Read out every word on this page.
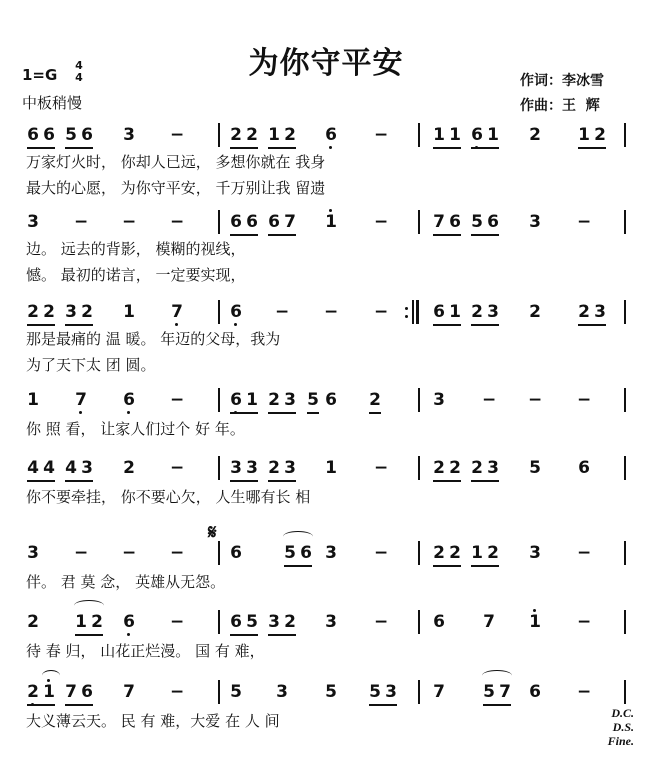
为你守平安
1=G
4
4
中板稍慢
作词：李冰雪
作曲：王  辉
6 6 5 6 3 −	2 2 1 2 6 −	1 1 6 1 2 1 2
3 − − −	6 6 6 7 1 −	7 6 5 6 3 −
2 2 3 2 1 7	6 − − −	6 1 2 3 2 2 3
1 7 6 −	6 1 2 3 5 6 2	3 − − −
4 4 4 3 2 −	3 3 2 3 1 −	2 2 2 3 5 6
3 − − −	6 5 6 3 −	2 2 1 2 3 −
2 1 2 6 −	6 5 3 2 3 −	6 7 1 −
2 1 7 6 7 −	5 3 5 5 3 7 5 7 6 −
万家灯火时， 你却人已远， 多想你就在 我身
最大的心愿， 为你守平安， 千万别让我 留遗
边。 远去的背影， 模糊的视线，
憾。 最初的诺言， 一定要实现，
那是最痛的 温 暖。 年迈的父母，我为
为了天下太 团 圆。
你 照 看， 让家人们过个 好 年。
你不要牵挂， 你不要心欠， 人生哪有长 相
伴。 君 莫 念， 英雄从无怨。
待 春 归， 山花正烂漫。 国 有 难，
大义薄云天。 民 有 难，大爱 在 人 间
𝄋
D.C.
D.S.
Fine.
